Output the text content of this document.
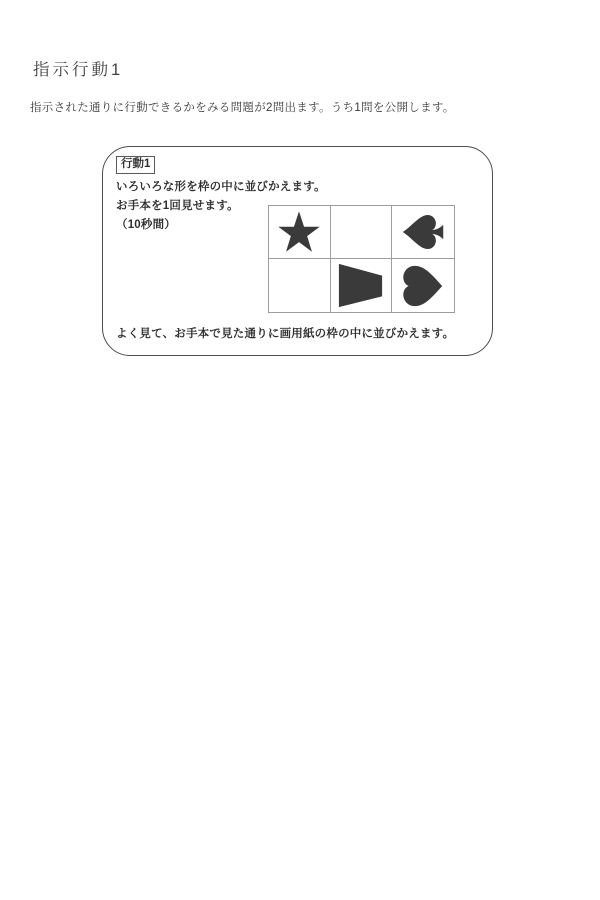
指示行動1
指示された通りに行動できるかをみる問題が2問出ます。うち1問を公開します。
行動1
いろいろな形を枠の中に並びかえます。
お手本を1回見せます。
（10秒間）
よく見て、お手本で見た通りに画用紙の枠の中に並びかえます。
